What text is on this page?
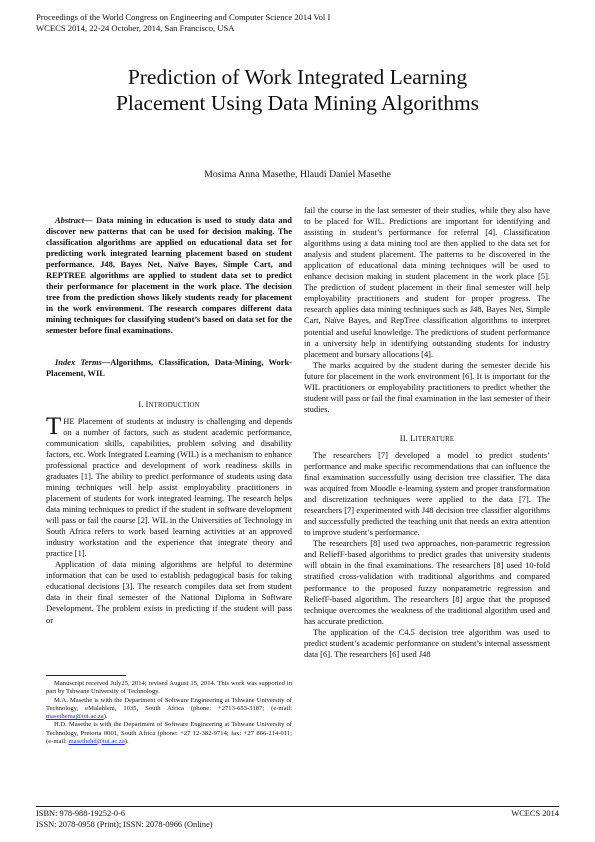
Proceedings of the World Congress on Engineering and Computer Science 2014 Vol I
WCECS 2014, 22-24 October, 2014, San Francisco, USA
Prediction of Work Integrated Learning
Placement Using Data Mining Algorithms
Mosima Anna Masethe, Hlaudi Daniel Masethe

Abstract— Data mining in education is used to study data and discover new patterns that can be used for decision making. The classification algorithms are applied on educational data set for predicting work integrated learning placement based on student performance. J48, Bayes Net, Naïve Bayes, Simple Cart, and REPTREE algorithms are applied to student data set to predict their performance for placement in the work place. The decision tree from the prediction shows likely students ready for placement in the work environment. The research compares different data mining techniques for classifying student’s based on data set for the semester before final examinations.

Index Terms—Algorithms, Classification, Data-Mining, Work-Placement, WIL

I. INTRODUCTION

THE Placement of students at industry is challenging and depends on a number of factors, such as student academic performance, communication skills, capabilities, problem solving and disability factors, etc. Work Integrated Learning (WIL) is a mechanism to enhance professional practice and development of work readiness skills in graduates [1]. The ability to predict performance of students using data mining techniques will help assist employability practitioners in placement of students for work integrated learning. The research helps data mining techniques to predict if the student in software development will pass or fail the course [2]. WIL in the Universities of Technology in South Africa refers to work based learning activities at an approved industry workstation and the experience that integrate theory and practice [1].

Application of data mining algorithms are helpful to determine information that can be used to establish pedagogical basis for taking educational decisions [3]. The research compiles data set from student data in their final semester of the National Diploma in Software Development. The problem exists in predicting if the student will pass or

Manuscript received July25, 2014; revised August 15, 2014. This work was supported in part by Tshwane University of Technology.

M.A. Masethe is with the Department of Software Engineering at Tshwane University of Technology, eMalahleni, 1035, South Africa (phone: +2713-653-3187; (e-mail: masethema@tut.ac.za).

H.D. Masethe is with the Department of Software Engineering at Tshwane University of Technology, Pretoria 0001, South Africa (phone: +27 12-382-9714; fax: +27 866-214-011; (e-mail: masethehd@tut.ac.za).

fail the course in the last semester of their studies, while they also have to be placed for WIL. Predictions are important for identifying and assisting in student’s performance for referral [4]. Classification algorithms using a data mining tool are then applied to the data set for analysis and student placement. The patterns to be discovered in the application of educational data mining techniques will be used to enhance decision making in student placement in the work place [5]. The prediction of student placement in their final semester will help employability practitioners and student for proper progress. The research applies data mining techniques such as J48, Bayes Net, Simple Cart, Naïve Bayes, and RepTree classification algorithms to interpret potential and useful knowledge. The predictions of student performance in a university help in identifying outstanding students for industry placement and bursary allocations [4].

The marks acquired by the student during the semester decide his future for placement in the work environment [6]. It is important for the WIL practitioners or employability practitioners to predict whether the student will pass or fail the final examination in the last semester of their studies.

II. LITERATURE

The researchers [7] developed a model to predict students’ performance and make specific recommendations that can influence the final examination successfully using decision tree classifier. The data was acquired from Moodle e-learning system and proper transformation and discretization techniques were applied to the data [7]. The researchers [7] experimented with J48 decision tree classifier algorithms and successfully predicted the teaching unit that needs an extra attention to improve student’s performance.

The researchers [8] used two approaches, non-parametric regression and ReliefF-based algorithms to predict grades that university students will obtain in the final examinations. The researchers [8] used 10-fold stratified cross-validation with traditional algorithms and compared performance to the proposed fuzzy nonparametric regression and ReliefF-based algorithm. The researchers [8] argue that the proposed technique overcomes the weakness of the traditional algorithm used and has accurate prediction.

The application of the C4.5 decision tree algorithm was used to predict student’s academic performance on student’s internal assessment data [6]. The researchers [6] used J48

ISBN: 978-988-19252-0-6
ISSN: 2078-0958 (Print); ISSN: 2078-0966 (Online)
WCECS 2014
